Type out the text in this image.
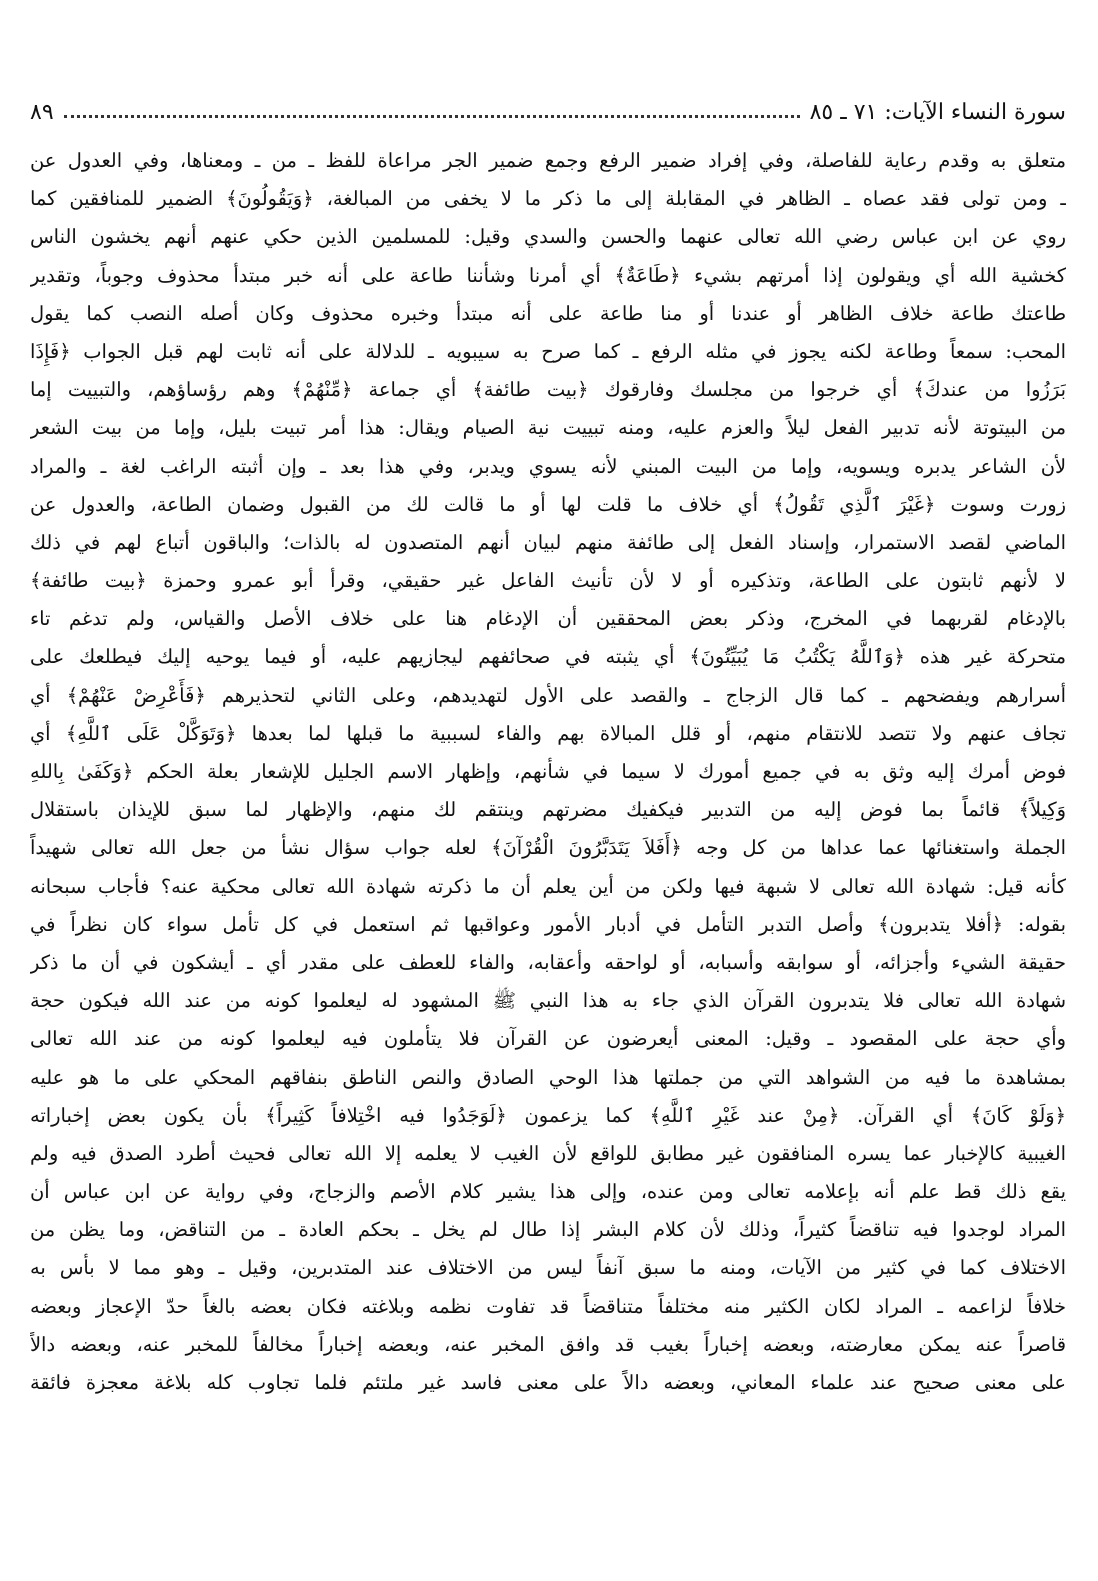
سورة النساء الآيات: ٧١ ـ ٨٥
٨٩
متعلق به وقدم رعاية للفاصلة، وفي إفراد ضمير الرفع وجمع ضمير الجر مراعاة للفظ ـ من ـ ومعناها، وفي العدول عن
ـ ومن تولى فقد عصاه ـ الظاهر في المقابلة إلى ما ذكر ما لا يخفى من المبالغة، ﴿وَيَقُولُونَ﴾ الضمير للمنافقين كما
روي عن ابن عباس رضي الله تعالى عنهما والحسن والسدي وقيل: للمسلمين الذين حكي عنهم أنهم يخشون الناس
كخشية الله أي ويقولون إذا أمرتهم بشيء ﴿طَاعَةٌ﴾ أي أمرنا وشأننا طاعة على أنه خبر مبتدأ محذوف وجوباً، وتقدير
طاعتك طاعة خلاف الظاهر أو عندنا أو منا طاعة على أنه مبتدأ وخبره محذوف وكان أصله النصب كما يقول
المحب: سمعاً وطاعة لكنه يجوز في مثله الرفع ـ كما صرح به سيبويه ـ للدلالة على أنه ثابت لهم قبل الجواب ﴿فَإِذَا
بَرَزُوا من عندكَ﴾ أي خرجوا من مجلسك وفارقوك ﴿بيت طائفة﴾ أي جماعة ﴿مِّنْهُمْ﴾ وهم رؤساؤهم، والتبييت إما
من البيتوتة لأنه تدبير الفعل ليلاً والعزم عليه، ومنه تبييت نية الصيام ويقال: هذا أمر تبيت بليل، وإما من بيت الشعر
لأن الشاعر يدبره ويسويه، وإما من البيت المبني لأنه يسوي ويدبر، وفي هذا بعد ـ وإن أثبته الراغب لغة ـ والمراد
زورت وسوت ﴿غَيْرَ ٱلَّذِي تَقُولُ﴾ أي خلاف ما قلت لها أو ما قالت لك من القبول وضمان الطاعة، والعدول عن
الماضي لقصد الاستمرار، وإسناد الفعل إلى طائفة منهم لبيان أنهم المتصدون له بالذات؛ والباقون أتباع لهم في ذلك
لا لأنهم ثابتون على الطاعة، وتذكيره أو لا لأن تأنيث الفاعل غير حقيقي، وقرأ أبو عمرو وحمزة ﴿بيت طائفة﴾
بالإدغام لقربهما في المخرج، وذكر بعض المحققين أن الإدغام هنا على خلاف الأصل والقياس، ولم تدغم تاء
متحركة غير هذه ﴿وَٱللَّهُ يَكْتُبُ مَا يُبَيِّتُونَ﴾ أي يثبته في صحائفهم ليجازيهم عليه، أو فيما يوحيه إليك فيطلعك على
أسرارهم ويفضحهم ـ كما قال الزجاج ـ والقصد على الأول لتهديدهم، وعلى الثاني لتحذيرهم ﴿فَأَعْرِضْ عَنْهُمْ﴾ أي
تجاف عنهم ولا تتصد للانتقام منهم، أو قلل المبالاة بهم والفاء لسببية ما قبلها لما بعدها ﴿وَتَوَكَّلْ عَلَى ٱللَّهِ﴾ أي
فوض أمرك إليه وثق به في جميع أمورك لا سيما في شأنهم، وإظهار الاسم الجليل للإشعار بعلة الحكم ﴿وَكَفَىٰ بِاللهِ
وَكِيلاً﴾ قائماً بما فوض إليه من التدبير فيكفيك مضرتهم وينتقم لك منهم، والإظهار لما سبق للإيذان باستقلال
الجملة واستغنائها عما عداها من كل وجه ﴿أَفَلاَ يَتَدَبَّرُونَ الْقُرْآنَ﴾ لعله جواب سؤال نشأ من جعل الله تعالى شهيداً
كأنه قيل: شهادة الله تعالى لا شبهة فيها ولكن من أين يعلم أن ما ذكرته شهادة الله تعالى محكية عنه؟ فأجاب سبحانه
بقوله: ﴿أفلا يتدبرون﴾ وأصل التدبر التأمل في أدبار الأمور وعواقبها ثم استعمل في كل تأمل سواء كان نظراً في
حقيقة الشيء وأجزائه، أو سوابقه وأسبابه، أو لواحقه وأعقابه، والفاء للعطف على مقدر أي ـ أيشكون في أن ما ذكر
شهادة الله تعالى فلا يتدبرون القرآن الذي جاء به هذا النبي ﷺ المشهود له ليعلموا كونه من عند الله فيكون حجة
وأي حجة على المقصود ـ وقيل: المعنى أيعرضون عن القرآن فلا يتأملون فيه ليعلموا كونه من عند الله تعالى
بمشاهدة ما فيه من الشواهد التي من جملتها هذا الوحي الصادق والنص الناطق بنفاقهم المحكي على ما هو عليه
﴿وَلَوْ كَانَ﴾ أي القرآن. ﴿مِنْ عند غَيْرِ ٱللَّهِ﴾ كما يزعمون ﴿لَوَجَدُوا فيه اخْتِلافاً كَثِيراً﴾ بأن يكون بعض إخباراته
الغيبية كالإخبار عما يسره المنافقون غير مطابق للواقع لأن الغيب لا يعلمه إلا الله تعالى فحيث أطرد الصدق فيه ولم
يقع ذلك قط علم أنه بإعلامه تعالى ومن عنده، وإلى هذا يشير كلام الأصم والزجاج، وفي رواية عن ابن عباس أن
المراد لوجدوا فيه تناقضاً كثيراً، وذلك لأن كلام البشر إذا طال لم يخل ـ بحكم العادة ـ من التناقض، وما يظن من
الاختلاف كما في كثير من الآيات، ومنه ما سبق آنفاً ليس من الاختلاف عند المتدبرين، وقيل ـ وهو مما لا بأس به
خلافاً لزاعمه ـ المراد لكان الكثير منه مختلفاً متناقضاً قد تفاوت نظمه وبلاغته فكان بعضه بالغاً حدّ الإعجاز وبعضه
قاصراً عنه يمكن معارضته، وبعضه إخباراً بغيب قد وافق المخبر عنه، وبعضه إخباراً مخالفاً للمخبر عنه، وبعضه دالاً
على معنى صحيح عند علماء المعاني، وبعضه دالاً على معنى فاسد غير ملتئم فلما تجاوب كله بلاغة معجزة فائقة
